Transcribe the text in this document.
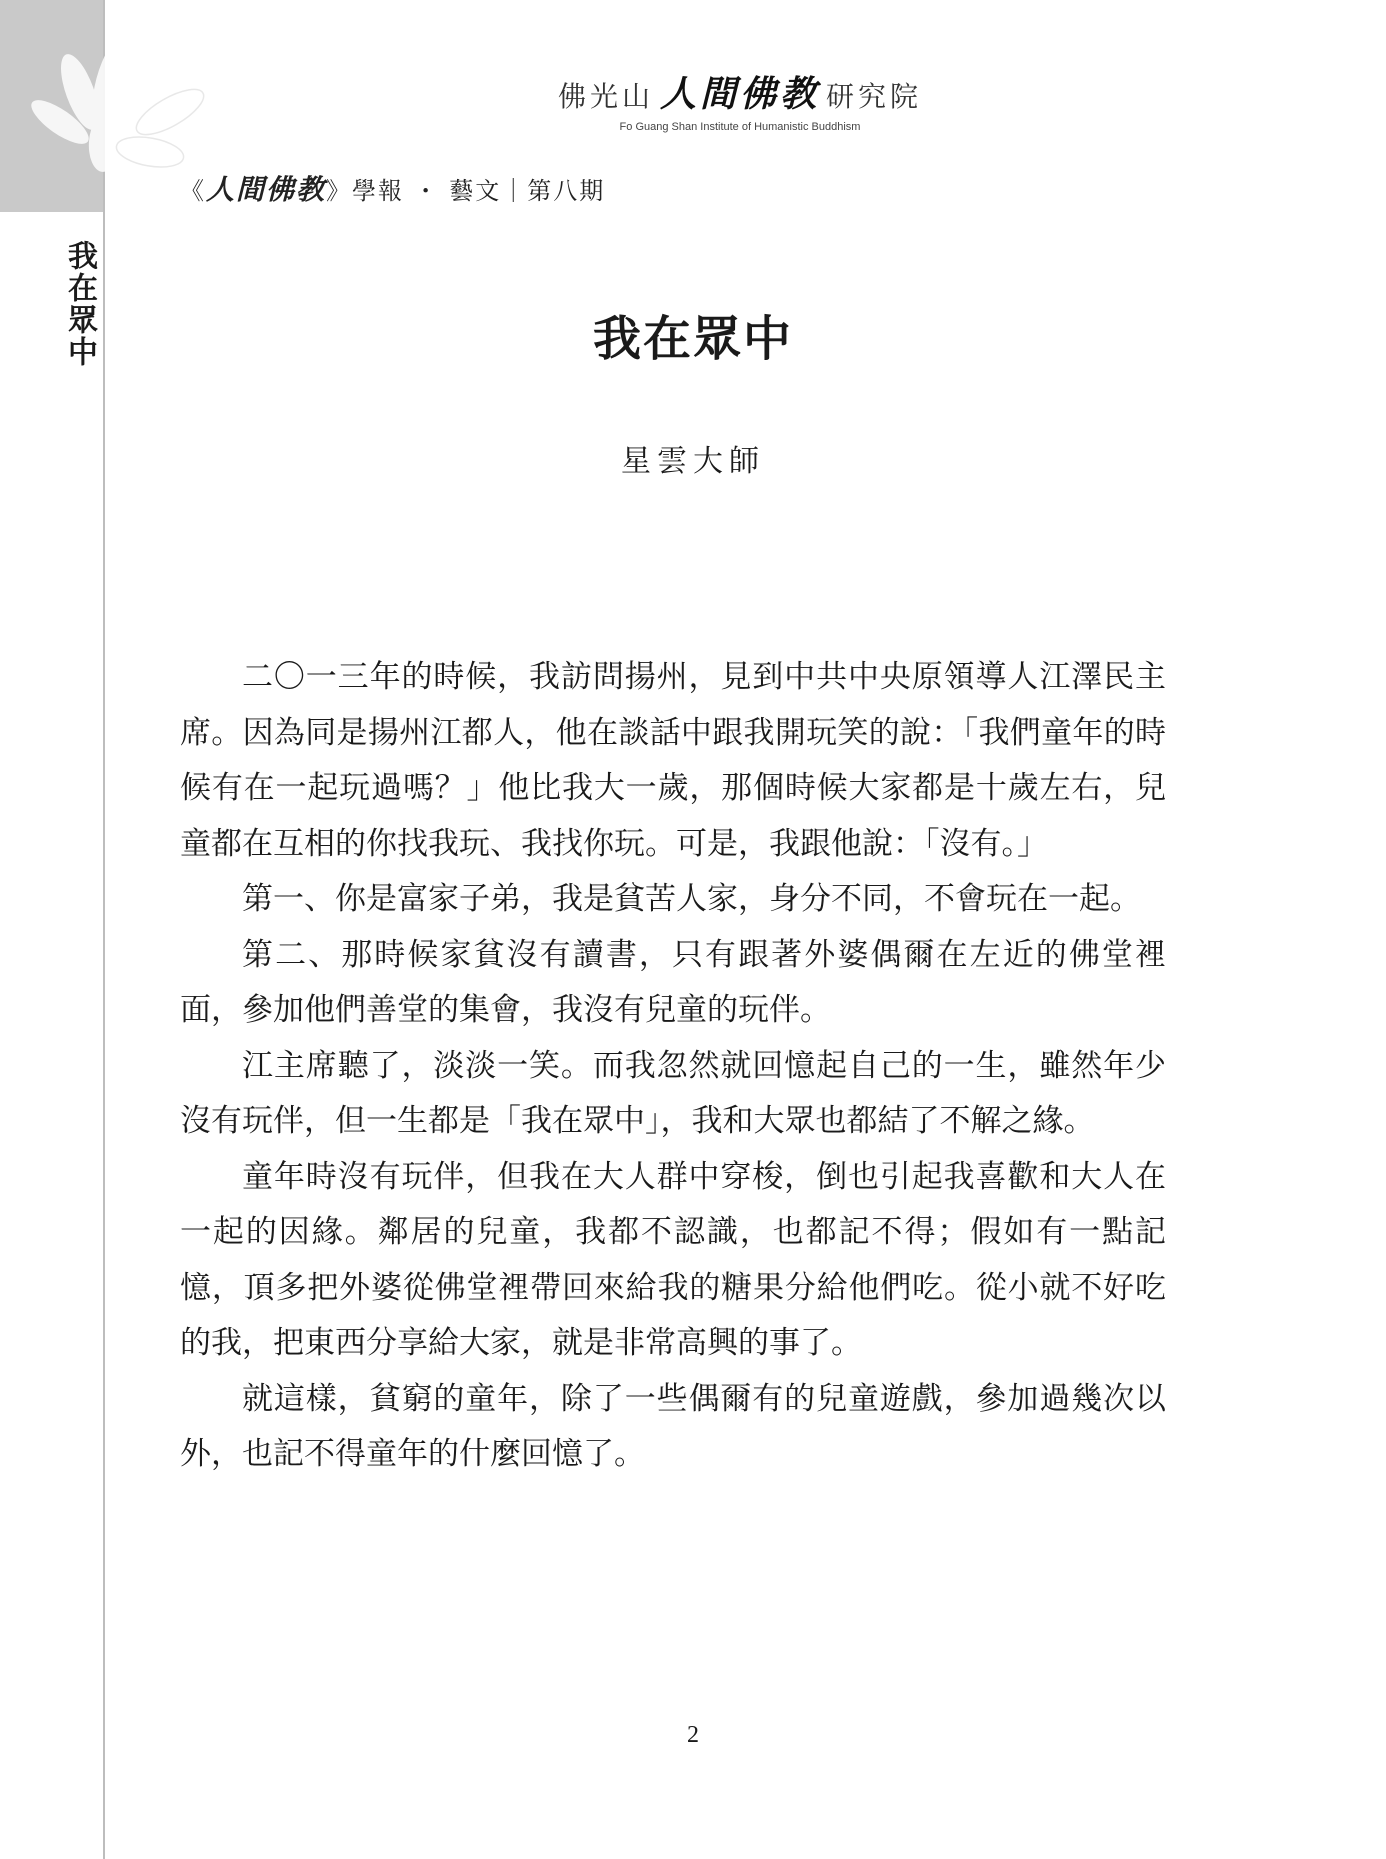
我在眾中
佛光山 人間佛教 研究院
Fo Guang Shan Institute of Humanistic Buddhism
《人間佛教》學報 ・ 藝文｜第八期
我在眾中
星雲大師

二〇一三年的時候，我訪問揚州，見到中共中央原領導人江澤民主席。因為同是揚州江都人，他在談話中跟我開玩笑的說：「我們童年的時候有在一起玩過嗎？」他比我大一歲，那個時候大家都是十歲左右，兒童都在互相的你找我玩、我找你玩。可是，我跟他說：「沒有。」

第一、你是富家子弟，我是貧苦人家，身分不同，不會玩在一起。

第二、那時候家貧沒有讀書，只有跟著外婆偶爾在左近的佛堂裡面，參加他們善堂的集會，我沒有兒童的玩伴。

江主席聽了，淡淡一笑。而我忽然就回憶起自己的一生，雖然年少沒有玩伴，但一生都是「我在眾中」，我和大眾也都結了不解之緣。

童年時沒有玩伴，但我在大人群中穿梭，倒也引起我喜歡和大人在一起的因緣。鄰居的兒童，我都不認識，也都記不得；假如有一點記憶，頂多把外婆從佛堂裡帶回來給我的糖果分給他們吃。從小就不好吃的我，把東西分享給大家，就是非常高興的事了。

就這樣，貧窮的童年，除了一些偶爾有的兒童遊戲，參加過幾次以外，也記不得童年的什麼回憶了。

2
